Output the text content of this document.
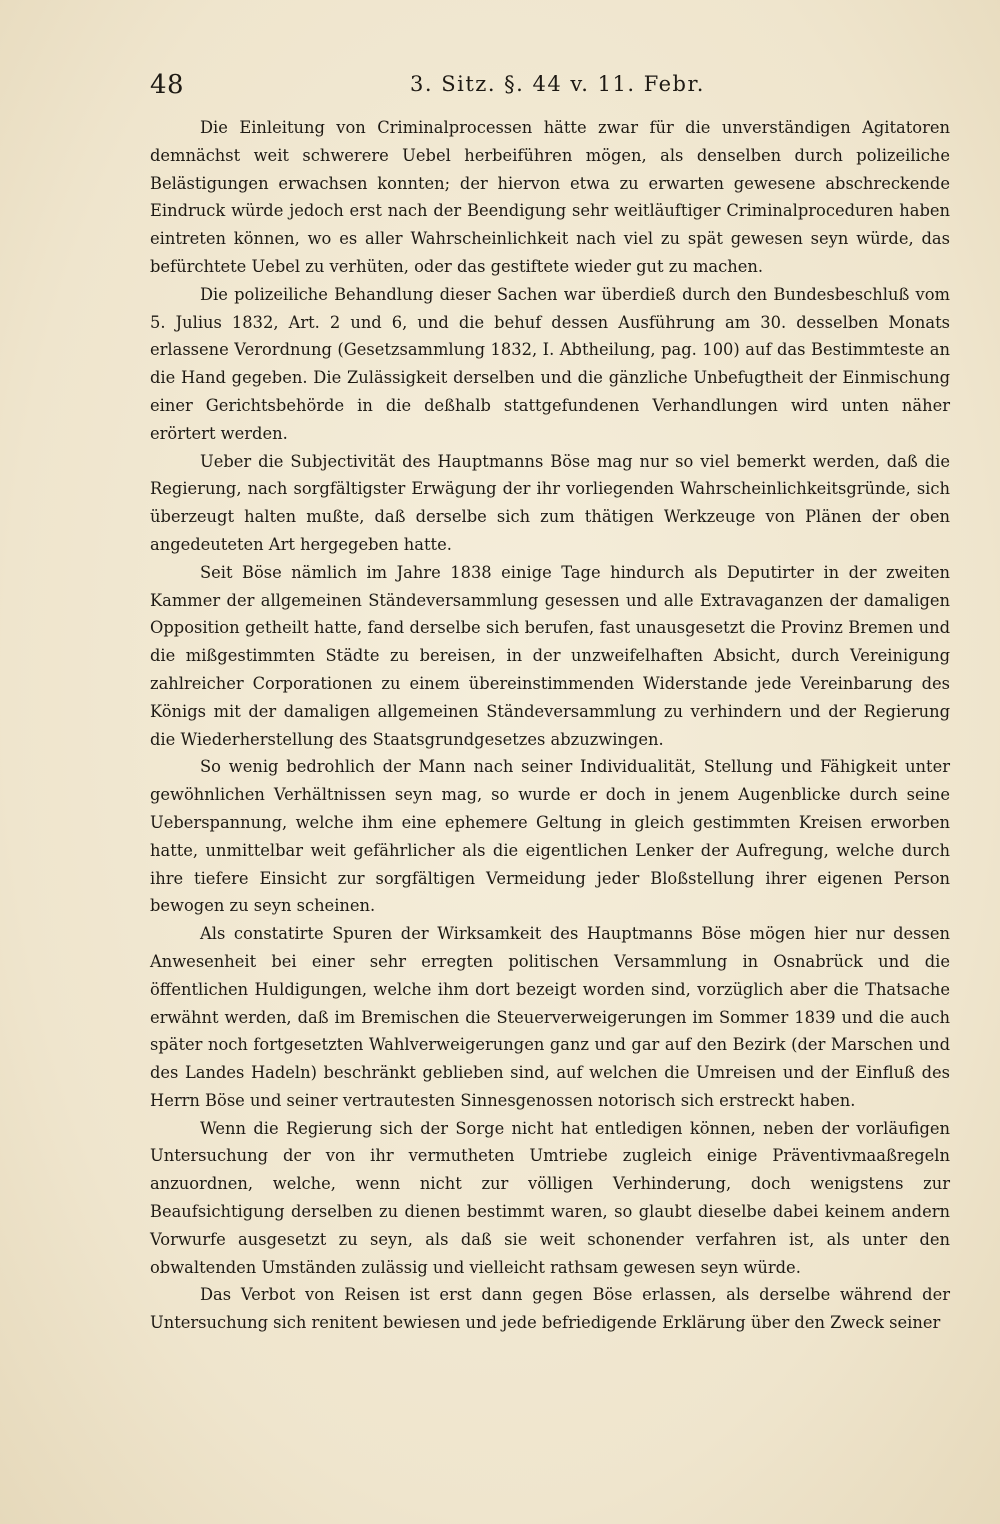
48	3. Sitz. §. 44 v. 11. Febr.

Die Einleitung von Criminalprocessen hätte zwar für die unverständigen Agitatoren demnächst weit schwerere Uebel herbeiführen mögen, als denselben durch polizeiliche Belästigungen erwachsen konnten; der hiervon etwa zu erwarten gewesene abschreckende Eindruck würde jedoch erst nach der Beendigung sehr weitläuftiger Criminalproceduren haben eintreten können, wo es aller Wahrscheinlichkeit nach viel zu spät gewesen seyn würde, das befürchtete Uebel zu verhüten, oder das gestiftete wieder gut zu machen.

Die polizeiliche Behandlung dieser Sachen war überdieß durch den Bundesbeschluß vom 5. Julius 1832, Art. 2 und 6, und die behuf dessen Ausführung am 30. desselben Monats erlassene Verordnung (Gesetzsammlung 1832, I. Abtheilung, pag. 100) auf das Bestimmteste an die Hand gegeben. Die Zulässigkeit derselben und die gänzliche Unbefugtheit der Einmischung einer Gerichtsbehörde in die deßhalb stattgefundenen Verhandlungen wird unten näher erörtert werden.

Ueber die Subjectivität des Hauptmanns Böse mag nur so viel bemerkt werden, daß die Regierung, nach sorgfältigster Erwägung der ihr vorliegenden Wahrscheinlichkeitsgründe, sich überzeugt halten mußte, daß derselbe sich zum thätigen Werkzeuge von Plänen der oben angedeuteten Art hergegeben hatte.

Seit Böse nämlich im Jahre 1838 einige Tage hindurch als Deputirter in der zweiten Kammer der allgemeinen Ständeversammlung gesessen und alle Extravaganzen der damaligen Opposition getheilt hatte, fand derselbe sich berufen, fast unausgesetzt die Provinz Bremen und die mißgestimmten Städte zu bereisen, in der unzweifelhaften Absicht, durch Vereinigung zahlreicher Corporationen zu einem übereinstimmenden Widerstande jede Vereinbarung des Königs mit der damaligen allgemeinen Ständeversammlung zu verhindern und der Regierung die Wiederherstellung des Staatsgrundgesetzes abzuzwingen.

So wenig bedrohlich der Mann nach seiner Individualität, Stellung und Fähigkeit unter gewöhnlichen Verhältnissen seyn mag, so wurde er doch in jenem Augenblicke durch seine Ueberspannung, welche ihm eine ephemere Geltung in gleich gestimmten Kreisen erworben hatte, unmittelbar weit gefährlicher als die eigentlichen Lenker der Aufregung, welche durch ihre tiefere Einsicht zur sorgfältigen Vermeidung jeder Bloßstellung ihrer eigenen Person bewogen zu seyn scheinen.

Als constatirte Spuren der Wirksamkeit des Hauptmanns Böse mögen hier nur dessen Anwesenheit bei einer sehr erregten politischen Versammlung in Osnabrück und die öffentlichen Huldigungen, welche ihm dort bezeigt worden sind, vorzüglich aber die Thatsache erwähnt werden, daß im Bremischen die Steuerverweigerungen im Sommer 1839 und die auch später noch fortgesetzten Wahlverweigerungen ganz und gar auf den Bezirk (der Marschen und des Landes Hadeln) beschränkt geblieben sind, auf welchen die Umreisen und der Einfluß des Herrn Böse und seiner vertrautesten Sinnesgenossen notorisch sich erstreckt haben.

Wenn die Regierung sich der Sorge nicht hat entledigen können, neben der vorläufigen Untersuchung der von ihr vermutheten Umtriebe zugleich einige Präventivmaaßregeln anzuordnen, welche, wenn nicht zur völligen Verhinderung, doch wenigstens zur Beaufsichtigung derselben zu dienen bestimmt waren, so glaubt dieselbe dabei keinem andern Vorwurfe ausgesetzt zu seyn, als daß sie weit schonender verfahren ist, als unter den obwaltenden Umständen zulässig und vielleicht rathsam gewesen seyn würde.

Das Verbot von Reisen ist erst dann gegen Böse erlassen, als derselbe während der Untersuchung sich renitent bewiesen und jede befriedigende Erklärung über den Zweck seiner
